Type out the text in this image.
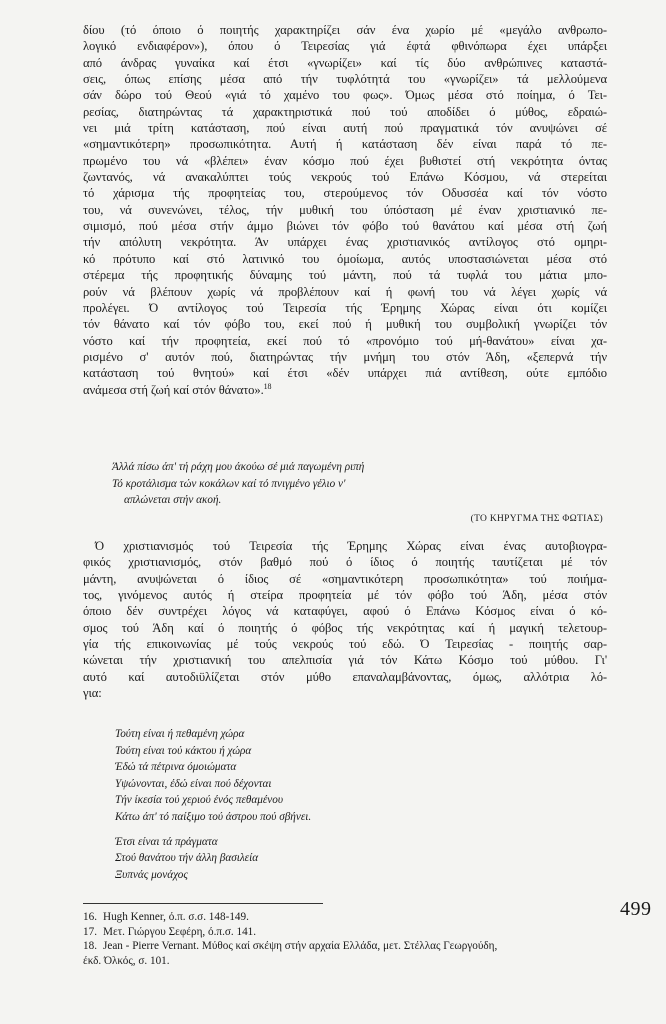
δίου (τό όποιο ό ποιητής χαρακτηρίζει σάν ένα χωρίο μέ «μεγάλο ανθρωπο-
λογικό ενδιαφέρον»), όπου ό Τειρεσίας γιά έφτά φθινόπωρα έχει υπάρξει
από άνδρας γυναίκα καί έτσι «γνωρίζει» καί τίς δύο ανθρώπινες καταστά-
σεις, όπως επίσης μέσα από τήν τυφλότητά του «γνωρίζει» τά μελλούμενα
σάν δώρο τού Θεού «γιά τό χαμένο του φως». Όμως μέσα στό ποίημα, ό Τει-
ρεσίας, διατηρώντας τά χαρακτηριστικά πού τού αποδίδει ό μύθος, εδραιώ-
νει μιά τρίτη κατάσταση, πού είναι αυτή πού πραγματικά τόν ανυψώνει σέ
«σημαντικότερη» προσωπικότητα. Αυτή ή κατάσταση δέν είναι παρά τό πε-
πρωμένο του νά «βλέπει» έναν κόσμο πού έχει βυθιστεί στή νεκρότητα όντας
ζωντανός, νά ανακαλύπτει τούς νεκρούς τού Επάνω Κόσμου, νά στερείται
τό χάρισμα τής προφητείας του, στερούμενος τόν Οδυσσέα καί τόν νόστο
του, νά συνενώνει, τέλος, τήν μυθική του ύπόσταση μέ έναν χριστιανικό πε-
σιμισμό, πού μέσα στήν άμμο βιώνει τόν φόβο τού θανάτου καί μέσα στή ζωή
τήν απόλυτη νεκρότητα. Άν υπάρχει ένας χριστιανικός αντίλογος στό ομηρι-
κό πρότυπο καί στό λατινικό του όμοίωμα, αυτός υποστασιώνεται μέσα στό
στέρεμα τής προφητικής δύναμης τού μάντη, πού τά τυφλά του μάτια μπο-
ρούν νά βλέπουν χωρίς νά προβλέπουν καί ή φωνή του νά λέγει χωρίς νά
προλέγει. Ό αντίλογος τού Τειρεσία τής Έρημης Χώρας είναι ότι κομίζει
τόν θάνατο καί τόν φόβο του, εκεί πού ή μυθική του συμβολική γνωρίζει τόν
νόστο καί τήν προφητεία, εκεί πού τό «προνόμιο τού μή-θανάτου» είναι χα-
ρισμένο σ' αυτόν πού, διατηρώντας τήν μνήμη του στόν Άδη, «ξεπερνά τήν
κατάσταση τού θνητού» καί έτσι «δέν υπάρχει πιά αντίθεση, ούτε εμπόδιο
ανάμεσα στή ζωή καί στόν θάνατο».$^{18}$
Άλλά πίσω άπ' τή ράχη μου άκούω σέ μιά παγωμένη ριπή
Τό κροτάλισμα τών κοκάλων καί τό πνιγμένο γέλιο ν'
απλώνεται στήν ακοή.
(ΤΟ ΚΗΡΥΓΜΑ ΤΗΣ ΦΩΤΙΑΣ)
Ό χριστιανισμός τού Τειρεσία τής Έρημης Χώρας είναι ένας αυτοβιογρα-
φικός χριστιανισμός, στόν βαθμό πού ό ίδιος ό ποιητής ταυτίζεται μέ τόν
μάντη, ανυψώνεται ό ίδιος σέ «σημαντικότερη προσωπικότητα» τού ποιήμα-
τος, γινόμενος αυτός ή στείρα προφητεία μέ τόν φόβο τού Άδη, μέσα στόν
όποιο δέν συντρέχει λόγος νά καταφύγει, αφού ό Επάνω Κόσμος είναι ό κό-
σμος τού Άδη καί ό ποιητής ό φόβος τής νεκρότητας καί ή μαγική τελετουρ-
γία τής επικοινωνίας μέ τούς νεκρούς τού εδώ. Ό Τειρεσίας - ποιητής σαρ-
κώνεται τήν χριστιανική του απελπισία γιά τόν Κάτω Κόσμο τού μύθου. Γι'
αυτό καί αυτοδιϋλίζεται στόν μύθο επαναλαμβάνοντας, όμως, αλλότρια λό-
για:
Τούτη είναι ή πεθαμένη χώρα
Τούτη είναι τού κάκτου ή χώρα
Έδώ τά πέτρινα όμοιώματα
Υψώνονται, έδώ είναι πού δέχονται
Τήν ίκεσία τού χεριού ένός πεθαμένου
Κάτω άπ' τό παίξιμο τού άστρου πού σβήνει.
Έτσι είναι τά πράγματα
Στού θανάτου τήν άλλη βασιλεία
Ξυπνάς μονάχος
16. Hugh Kenner, ό.π. σ.σ. 148-149.
17. Μετ. Γιώργου Σεφέρη, ό.π.σ. 141.
18. Jean - Pierre Vernant. Μύθος καί σκέψη στήν αρχαία Ελλάδα, μετ. Στέλλας Γεωργούδη,
έκδ. Όλκός, σ. 101.
499
